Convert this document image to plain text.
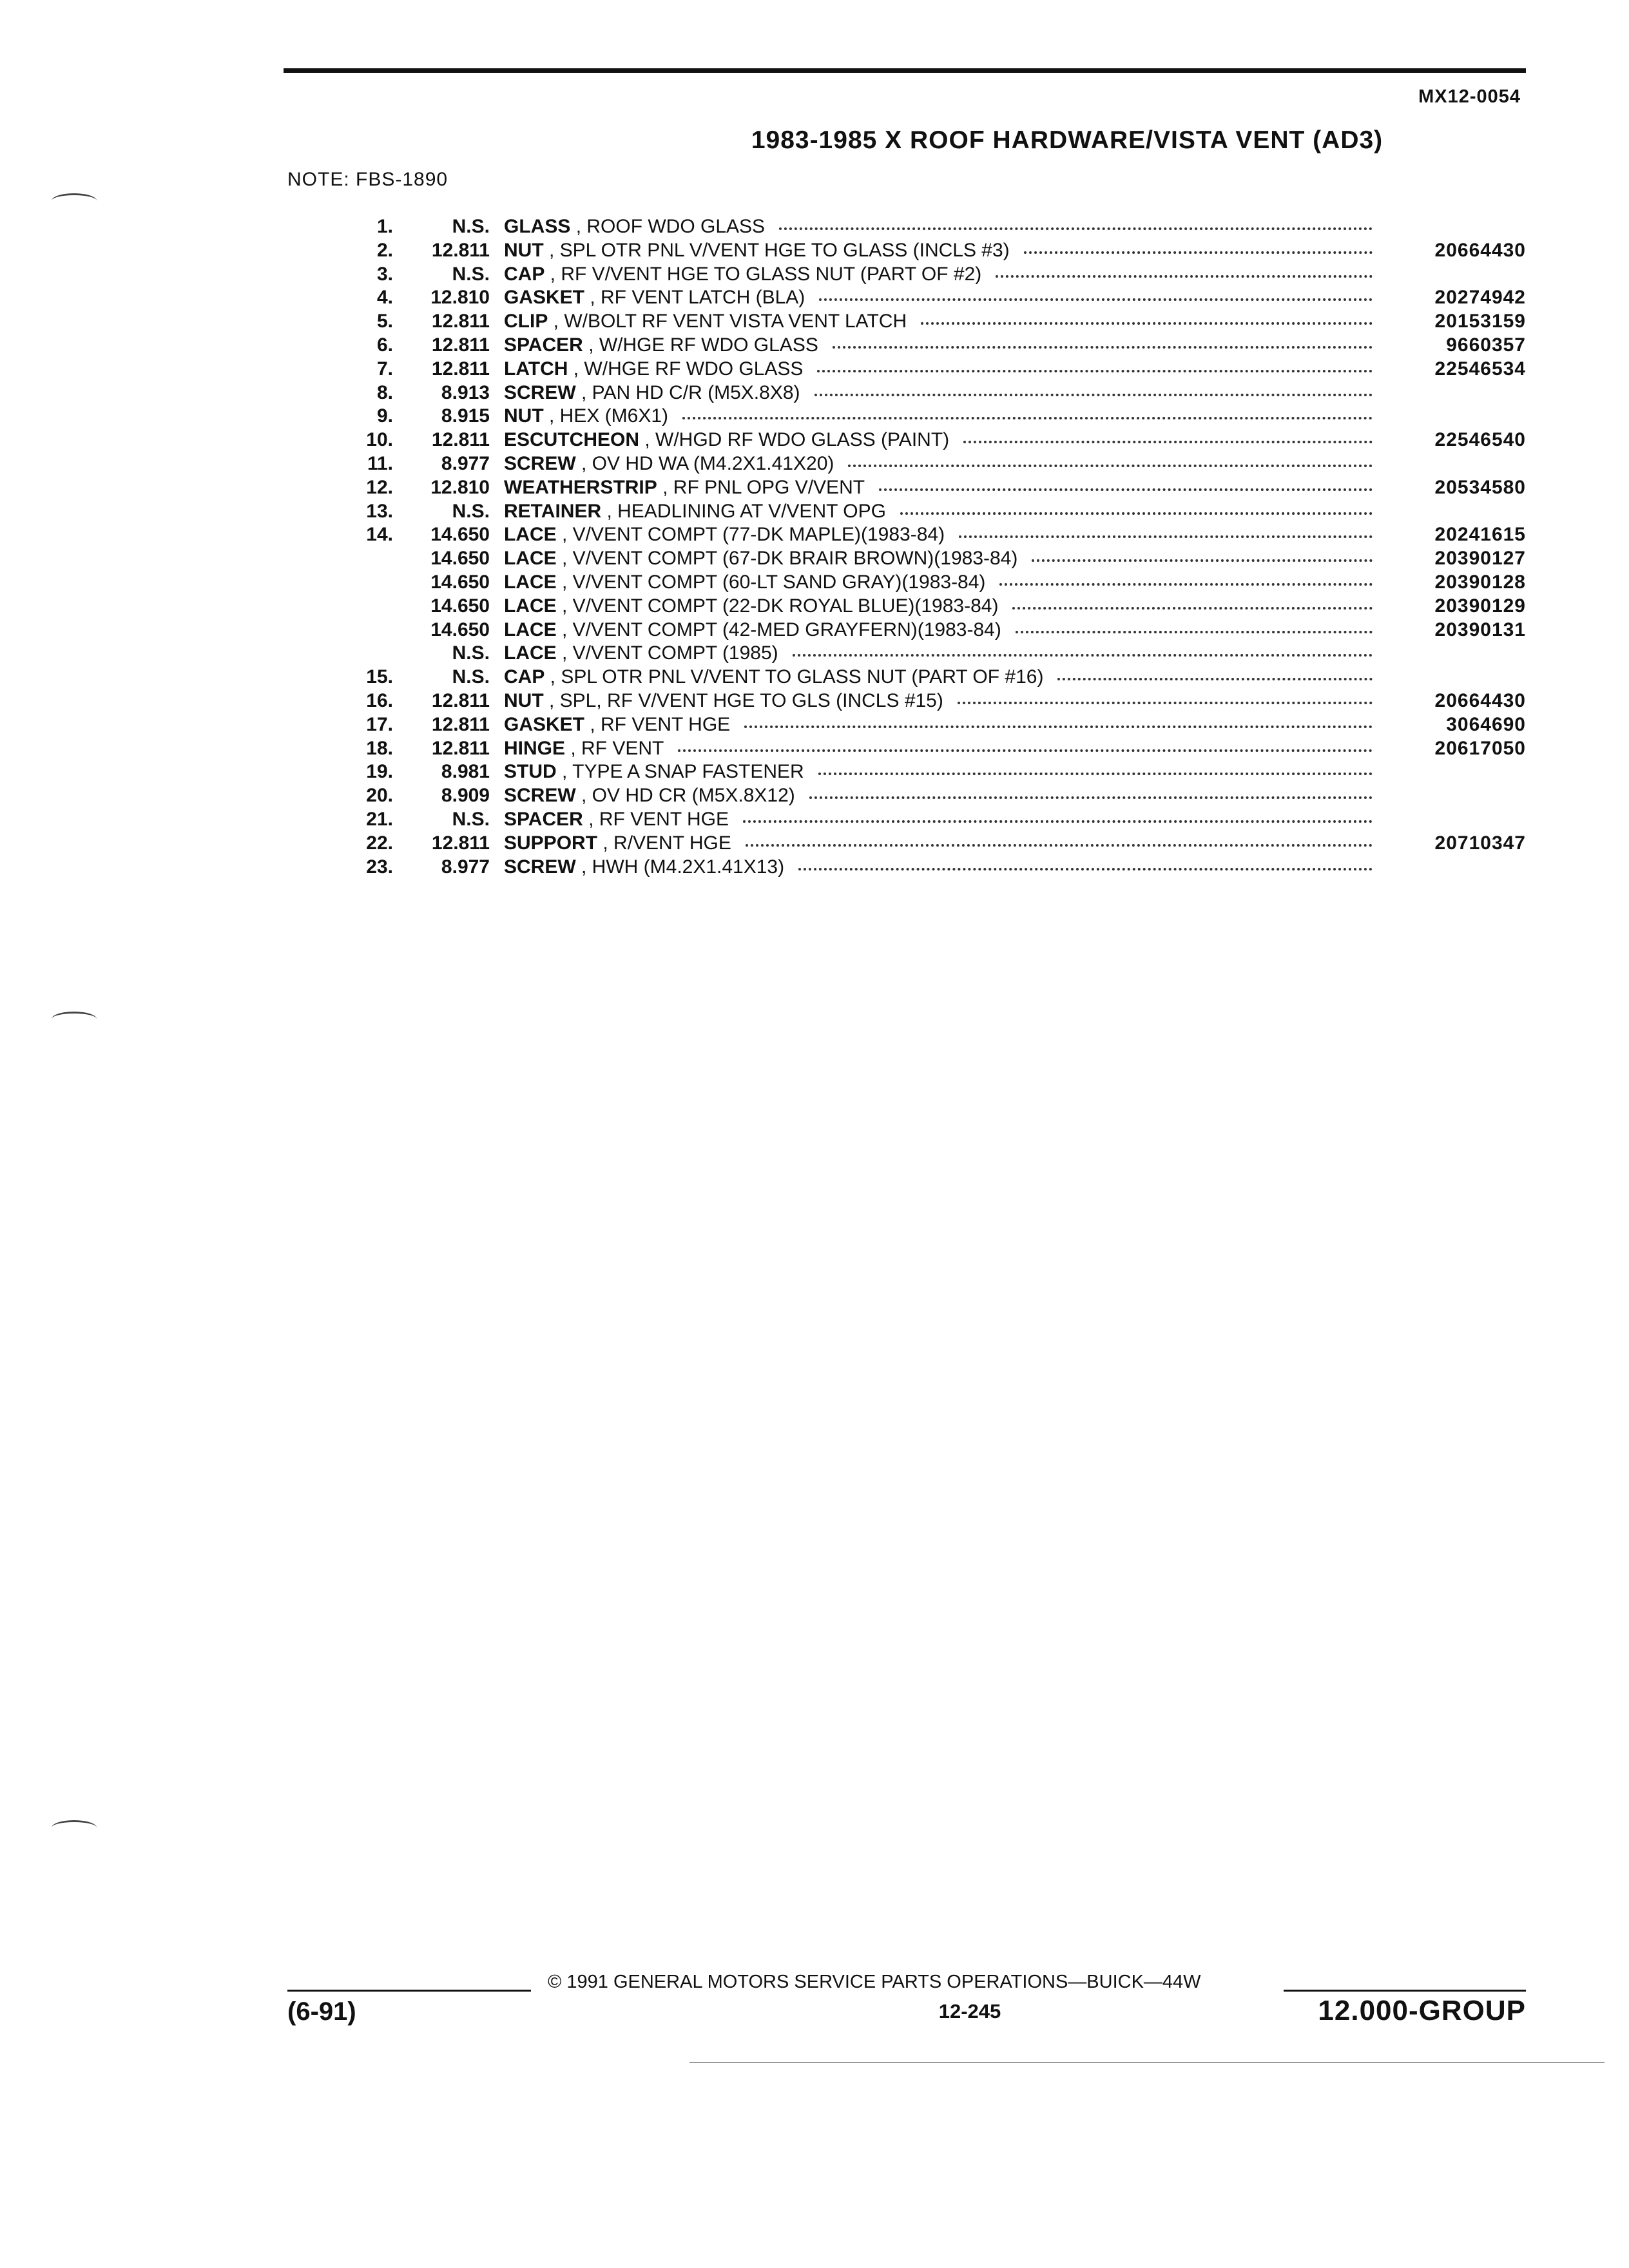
MX12-0054
1983-1985 X ROOF HARDWARE/VISTA VENT (AD3)
NOTE: FBS-1890
1.	N.S. GLASS , ROOF WDO GLASS
2.	12.811 NUT , SPL OTR PNL V/VENT HGE TO GLASS (INCLS #3)	20664430
3.	N.S. CAP , RF V/VENT HGE TO GLASS NUT (PART OF #2)
4.	12.810 GASKET , RF VENT LATCH (BLA)	20274942
5.	12.811 CLIP , W/BOLT RF VENT VISTA VENT LATCH	20153159
6.	12.811 SPACER , W/HGE RF WDO GLASS	9660357
7.	12.811 LATCH , W/HGE RF WDO GLASS	22546534
8.	8.913 SCREW , PAN HD C/R (M5X.8X8)
9.	8.915 NUT , HEX (M6X1)
10.	12.811 ESCUTCHEON , W/HGD RF WDO GLASS (PAINT)	22546540
11.	8.977 SCREW , OV HD WA (M4.2X1.41X20)
12.	12.810 WEATHERSTRIP , RF PNL OPG V/VENT	20534580
13.	N.S. RETAINER , HEADLINING AT V/VENT OPG
14.	14.650 LACE , V/VENT COMPT (77-DK MAPLE)(1983-84)	20241615
14.650 LACE , V/VENT COMPT (67-DK BRAIR BROWN)(1983-84)	20390127
14.650 LACE , V/VENT COMPT (60-LT SAND GRAY)(1983-84)	20390128
14.650 LACE , V/VENT COMPT (22-DK ROYAL BLUE)(1983-84)	20390129
14.650 LACE , V/VENT COMPT (42-MED GRAYFERN)(1983-84)	20390131
N.S. LACE , V/VENT COMPT (1985)
15.	N.S. CAP , SPL OTR PNL V/VENT TO GLASS NUT (PART OF #16)
16.	12.811 NUT , SPL, RF V/VENT HGE TO GLS (INCLS #15)	20664430
17.	12.811 GASKET , RF VENT HGE	3064690
18.	12.811 HINGE , RF VENT	20617050
19.	8.981 STUD , TYPE A SNAP FASTENER
20.	8.909 SCREW , OV HD CR (M5X.8X12)
21.	N.S. SPACER , RF VENT HGE
22.	12.811 SUPPORT , R/VENT HGE	20710347
23.	8.977 SCREW , HWH (M4.2X1.41X13)
© 1991 GENERAL MOTORS SERVICE PARTS OPERATIONS—BUICK—44W
(6-91)	12-245	12.000-GROUP
